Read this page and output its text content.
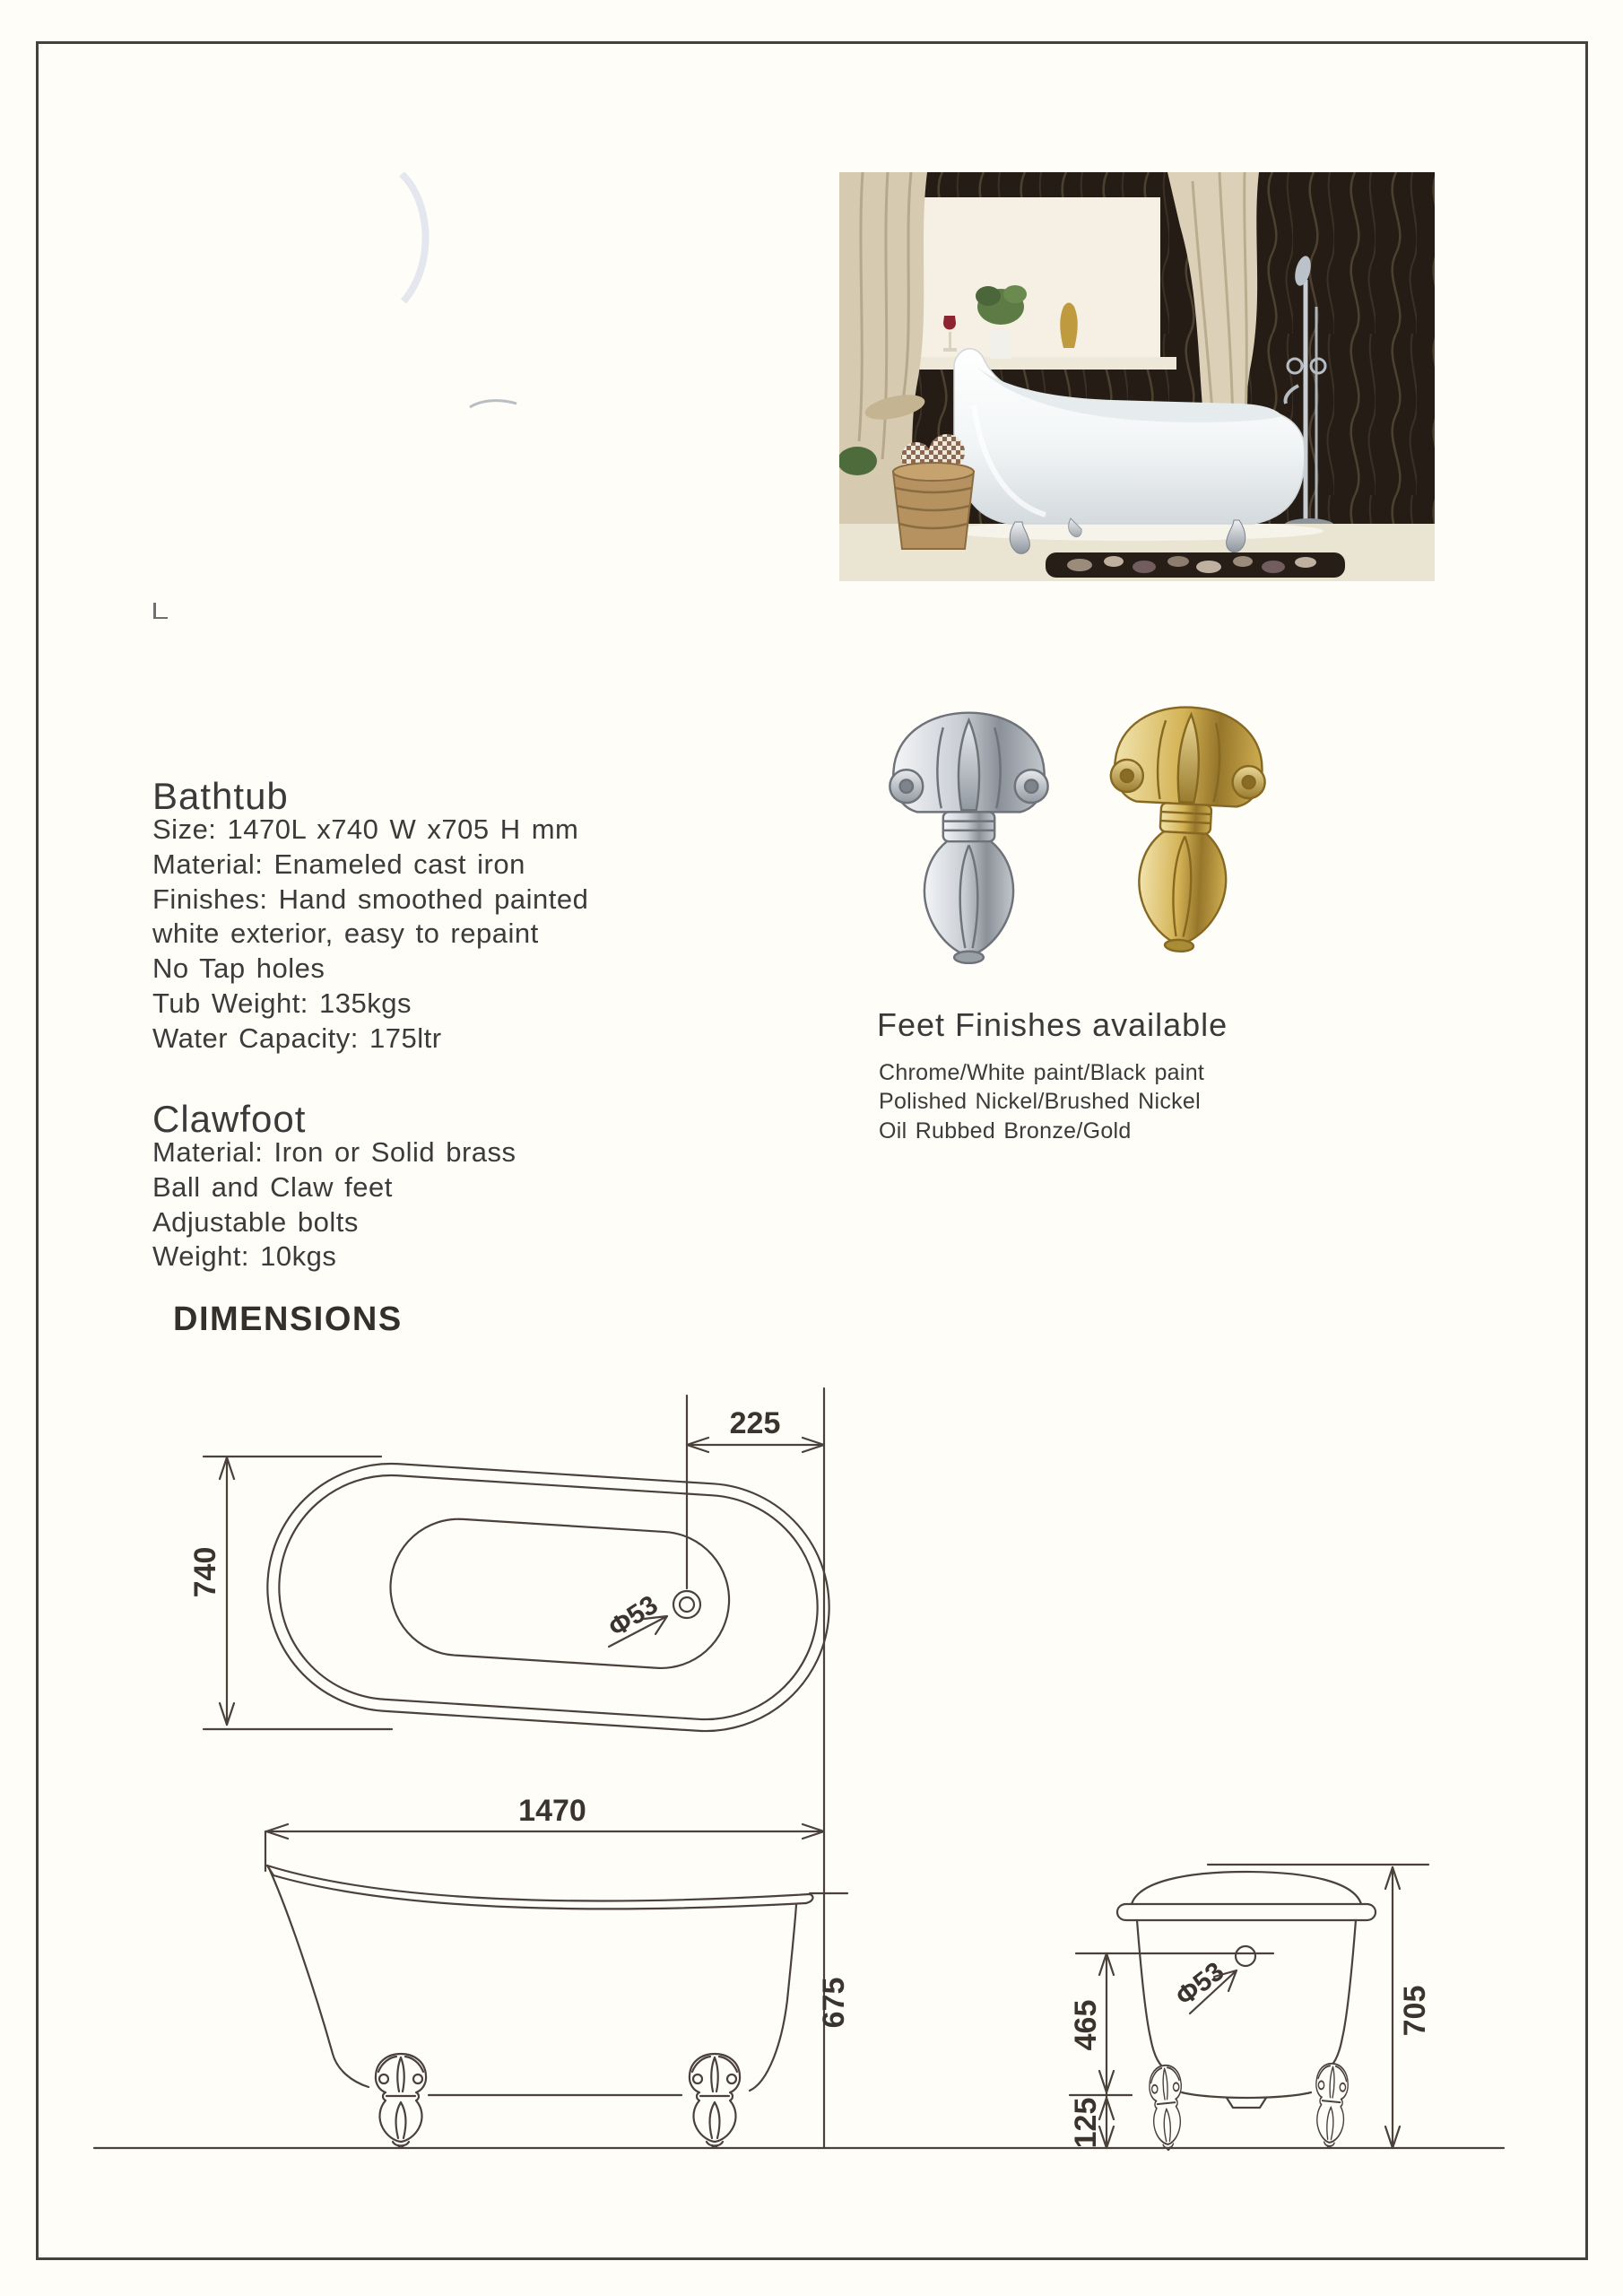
Bathtub
Size: 1470L x740 W x705 H mm
Material: Enameled cast iron
Finishes: Hand smoothed painted
white exterior, easy to repaint
No Tap holes
Tub Weight: 135kgs
Water Capacity: 175ltr
Clawfoot
Material: Iron or Solid brass
Ball and Claw feet
Adjustable bolts
Weight: 10kgs
DIMENSIONS
Feet Finishes available
Chrome/White paint/Black paint
Polished Nickel/Brushed Nickel
Oil Rubbed Bronze/Gold
225
740
Φ53
1470
675	465
125
705
Φ53
